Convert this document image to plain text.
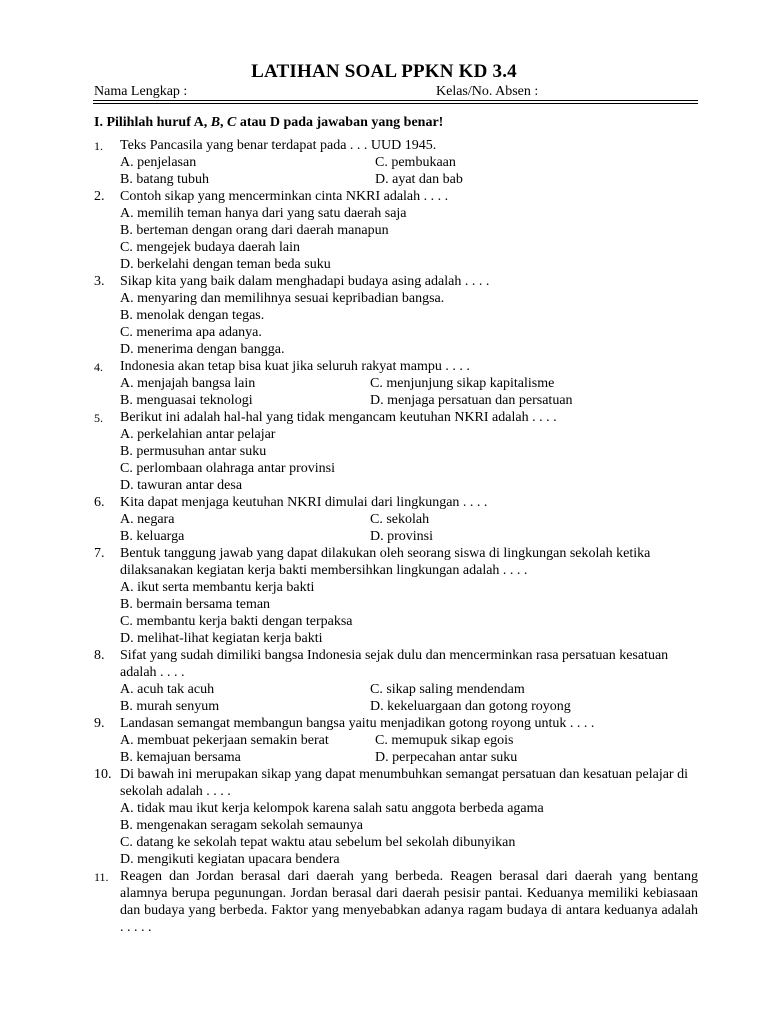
LATIHAN SOAL PPKN KD 3.4
Nama Lengkap :	Kelas/No. Absen :
I. Pilihlah huruf A, B, C atau D pada jawaban yang benar!
1. Teks Pancasila yang benar terdapat pada . . . UUD 1945.
A. penjelasan	C. pembukaan
B. batang tubuh	D. ayat dan bab
2. Contoh sikap yang mencerminkan cinta NKRI adalah . . . .
A. memilih teman hanya dari yang satu daerah saja
B. berteman dengan orang dari daerah manapun
C. mengejek budaya daerah lain
D. berkelahi dengan teman beda suku
3. Sikap kita yang baik dalam menghadapi budaya asing adalah . . . .
A. menyaring dan memilihnya sesuai kepribadian bangsa.
B. menolak dengan tegas.
C. menerima apa adanya.
D. menerima dengan bangga.
4. Indonesia akan tetap bisa kuat jika seluruh rakyat mampu . . . .
A. menjajah bangsa lain	C. menjunjung sikap kapitalisme
B. menguasai teknologi	D. menjaga persatuan dan persatuan
5. Berikut ini adalah hal-hal yang tidak mengancam keutuhan NKRI adalah . . . .
A. perkelahian antar pelajar
B. permusuhan antar suku
C. perlombaan olahraga antar provinsi
D. tawuran antar desa
6. Kita dapat menjaga keutuhan NKRI dimulai dari lingkungan . . . .
A. negara	C. sekolah
B. keluarga	D. provinsi
7. Bentuk tanggung jawab yang dapat dilakukan oleh seorang siswa di lingkungan sekolah ketika dilaksanakan kegiatan kerja bakti membersihkan lingkungan adalah . . . .
A. ikut serta membantu kerja bakti
B. bermain bersama teman
C. membantu kerja bakti dengan terpaksa
D. melihat-lihat kegiatan kerja bakti
8. Sifat yang sudah dimiliki bangsa Indonesia sejak dulu dan mencerminkan rasa persatuan kesatuan adalah . . . .
A. acuh tak acuh	C. sikap saling mendendam
B. murah senyum	D. kekeluargaan dan gotong royong
9. Landasan semangat membangun bangsa yaitu menjadikan gotong royong untuk . . . .
A. membuat pekerjaan semakin berat	C. memupuk sikap egois
B. kemajuan bersama	D. perpecahan antar suku
10. Di bawah ini merupakan sikap yang dapat menumbuhkan semangat persatuan dan kesatuan pelajar di sekolah adalah . . . .
A. tidak mau ikut kerja kelompok karena salah satu anggota berbeda agama
B. mengenakan seragam sekolah semaunya
C. datang ke sekolah tepat waktu atau sebelum bel sekolah dibunyikan
D. mengikuti kegiatan upacara bendera
11. Reagen dan Jordan berasal dari daerah yang berbeda. Reagen berasal dari daerah yang bentang alamnya berupa pegunungan. Jordan berasal dari daerah pesisir pantai. Keduanya memiliki kebiasaan dan budaya yang berbeda. Faktor yang menyebabkan adanya ragam budaya di antara keduanya adalah . . . . .
